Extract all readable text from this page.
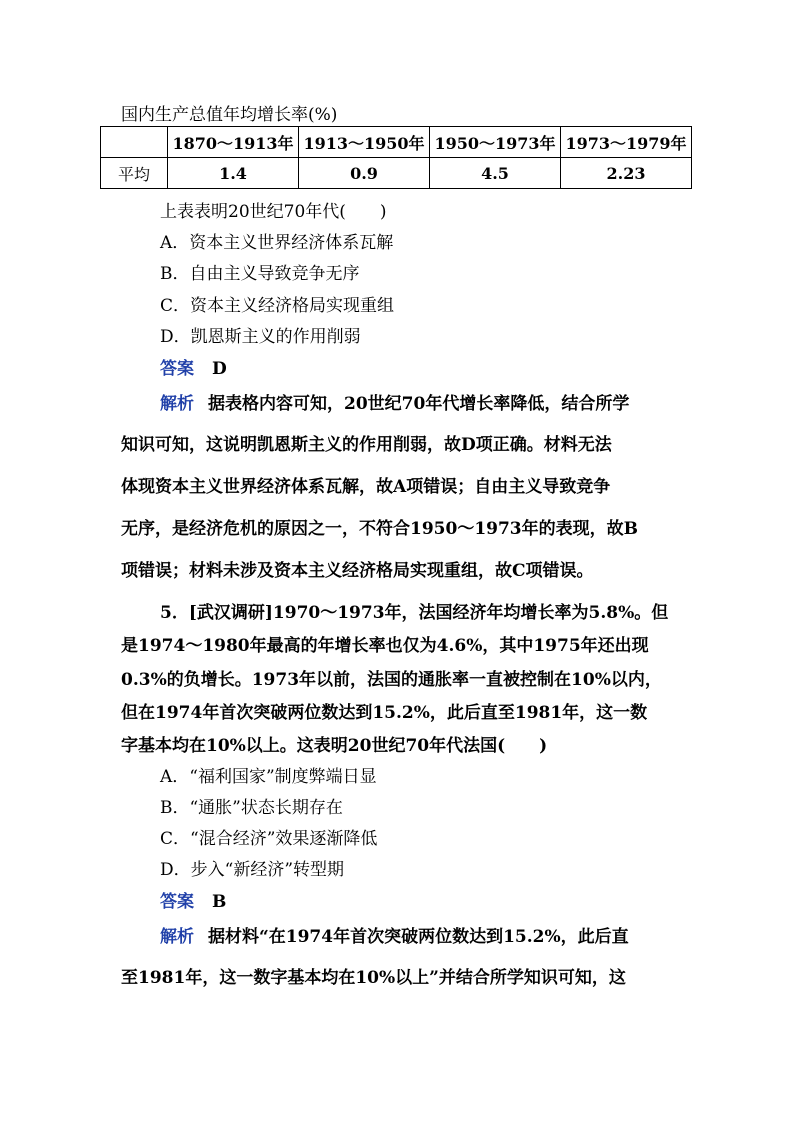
国内生产总值年均增长率(%)
	1870～1913年	1913～1950年	1950～1973年	1973～1979年
平均	1.4	0.9	4.5	2.23
上表表明20世纪70年代(　　)
A．资本主义世界经济体系瓦解
B．自由主义导致竞争无序
C．资本主义经济格局实现重组
D．凯恩斯主义的作用削弱
答案 D
解析 据表格内容可知，20世纪70年代增长率降低，结合所学
知识可知，这说明凯恩斯主义的作用削弱，故D项正确。材料无法
体现资本主义世界经济体系瓦解，故A项错误；自由主义导致竞争
无序，是经济危机的原因之一，不符合1950～1973年的表现，故B
项错误；材料未涉及资本主义经济格局实现重组，故C项错误。
5．[武汉调研]1970～1973年，法国经济年均增长率为5.8%。但
是1974～1980年最高的年增长率也仅为4.6%，其中1975年还出现
0.3%的负增长。1973年以前，法国的通胀率一直被控制在10%以内，
但在1974年首次突破两位数达到15.2%，此后直至1981年，这一数
字基本均在10%以上。这表明20世纪70年代法国(　　)
A．“福利国家”制度弊端日显
B．“通胀”状态长期存在
C．“混合经济”效果逐渐降低
D．步入“新经济”转型期
答案 B
解析 据材料“在1974年首次突破两位数达到15.2%，此后直
至1981年，这一数字基本均在10%以上”并结合所学知识可知，这
